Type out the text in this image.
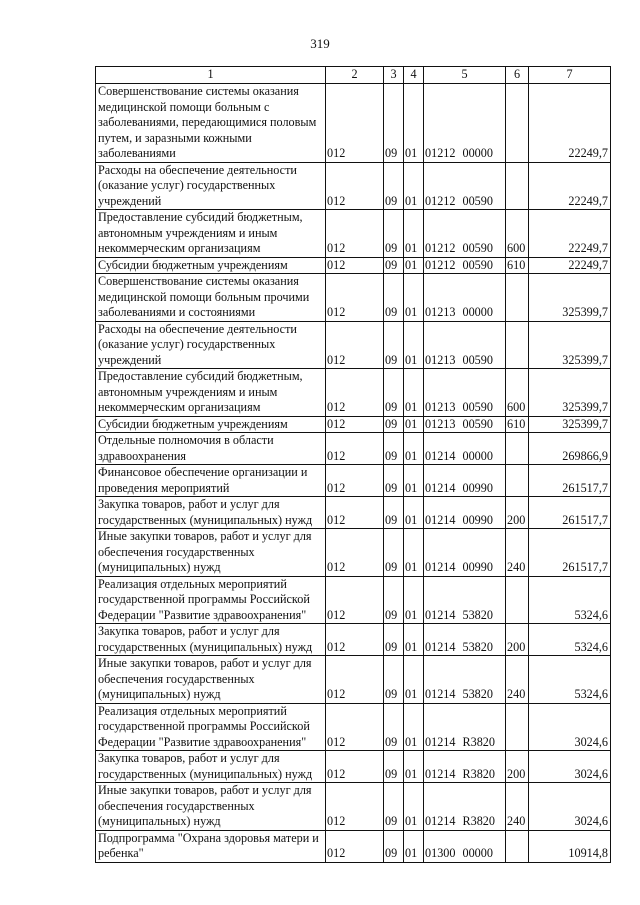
319
1	2	3	4	5	6	7
Совершенствование системы оказания медицинской помощи больным с заболеваниями, передающимися половым путем, и заразными кожными заболеваниями	012	09	01	01212 00000		22249,7
Расходы на обеспечение деятельности (оказание услуг) государственных учреждений	012	09	01	01212 00590		22249,7
Предоставление субсидий бюджетным, автономным учреждениям и иным некоммерческим организациям	012	09	01	01212 00590	600	22249,7
Субсидии бюджетным учреждениям	012	09	01	01212 00590	610	22249,7
Совершенствование системы оказания медицинской помощи больным прочими заболеваниями и состояниями	012	09	01	01213 00000		325399,7
Расходы на обеспечение деятельности (оказание услуг) государственных учреждений	012	09	01	01213 00590		325399,7
Предоставление субсидий бюджетным, автономным учреждениям и иным некоммерческим организациям	012	09	01	01213 00590	600	325399,7
Субсидии бюджетным учреждениям	012	09	01	01213 00590	610	325399,7
Отдельные полномочия в области здравоохранения	012	09	01	01214 00000		269866,9
Финансовое обеспечение организации и проведения мероприятий	012	09	01	01214 00990		261517,7
Закупка товаров, работ и услуг для государственных (муниципальных) нужд	012	09	01	01214 00990	200	261517,7
Иные закупки товаров, работ и услуг для обеспечения государственных (муниципальных) нужд	012	09	01	01214 00990	240	261517,7
Реализация отдельных мероприятий государственной программы Российской Федерации "Развитие здравоохранения"	012	09	01	01214 53820		5324,6
Закупка товаров, работ и услуг для государственных (муниципальных) нужд	012	09	01	01214 53820	200	5324,6
Иные закупки товаров, работ и услуг для обеспечения государственных (муниципальных) нужд	012	09	01	01214 53820	240	5324,6
Реализация отдельных мероприятий государственной программы Российской Федерации "Развитие здравоохранения"	012	09	01	01214 R3820		3024,6
Закупка товаров, работ и услуг для государственных (муниципальных) нужд	012	09	01	01214 R3820	200	3024,6
Иные закупки товаров, работ и услуг для обеспечения государственных (муниципальных) нужд	012	09	01	01214 R3820	240	3024,6
Подпрограмма "Охрана здоровья матери и ребенка"	012	09	01	01300 00000		10914,8
